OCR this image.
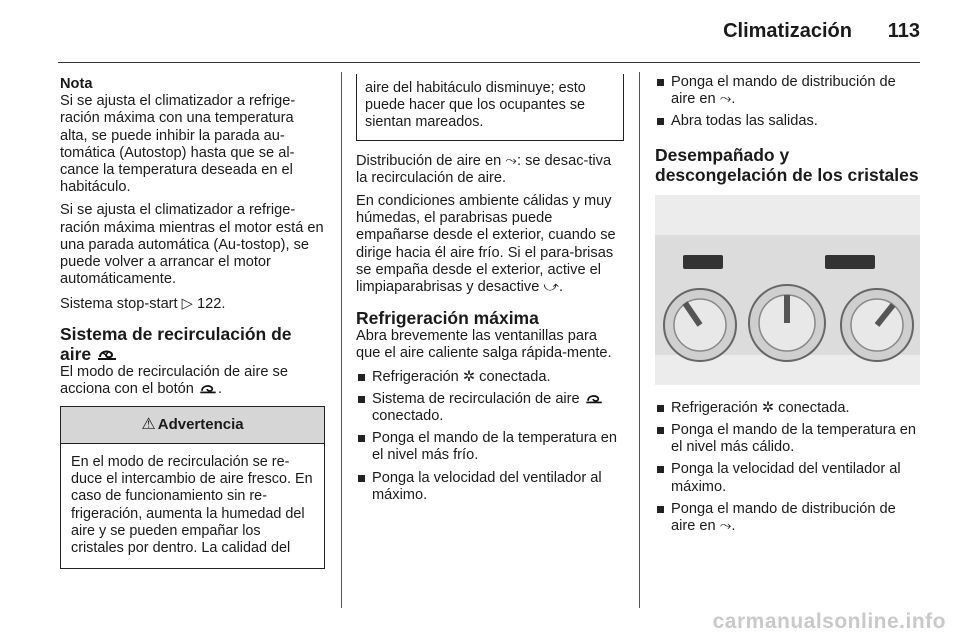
Climatización 113

Nota

Si se ajusta el climatizador a refrige-ración máxima con una temperatura alta, se puede inhibir la parada au-tomática (Autostop) hasta que se al-cance la temperatura deseada en el habitáculo.

Si se ajusta el climatizador a refrige-ración máxima mientras el motor está en una parada automática (Au-tostop), se puede volver a arrancar el motor automáticamente.

Sistema stop-start ▷ 122.

Sistema de recirculación de
aire

El modo de recirculación de aire se acciona con el botón .

⚠ Advertencia
En el modo de recirculación se re-duce el intercambio de aire fresco. En caso de funcionamiento sin re-frigeración, aumenta la humedad del aire y se pueden empañar los cristales por dentro. La calidad del
aire del habitáculo disminuye; esto puede hacer que los ocupantes se sientan mareados.

Distribución de aire en ⤳: se desac-tiva la recirculación de aire.

En condiciones ambiente cálidas y muy húmedas, el parabrisas puede empañarse desde el exterior, cuando se dirige hacia él aire frío. Si el para-brisas se empaña desde el exterior, active el limpiaparabrisas y desactive ⤻.

Refrigeración máxima

Abra brevemente las ventanillas para que el aire caliente salga rápida-mente.

Refrigeración ✲ conectada.
Sistema de recirculación de aire  conectado.
Ponga el mando de la temperatura en el nivel más frío.
Ponga la velocidad del ventilador al máximo.
Ponga el mando de distribución de aire en ⤳.
Abra todas las salidas.
Desempañado y
descongelación de los cristales
Refrigeración ✲ conectada.
Ponga el mando de la temperatura en el nivel más cálido.
Ponga la velocidad del ventilador al máximo.
Ponga el mando de distribución de aire en ⤳.
carmanualsonline.info
